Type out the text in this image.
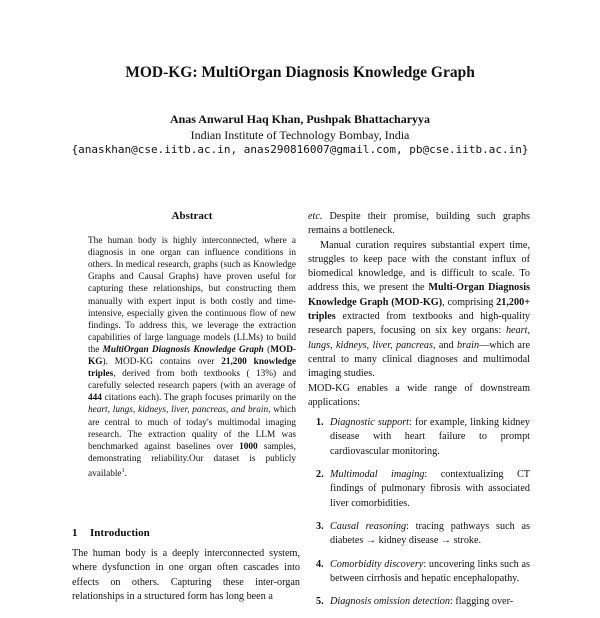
MOD-KG: MultiOrgan Diagnosis Knowledge Graph
Anas Anwarul Haq Khan, Pushpak Bhattacharyya
Indian Institute of Technology Bombay, India
{anaskhan@cse.iitb.ac.in, anas290816007@gmail.com, pb@cse.iitb.ac.in}
Abstract

The human body is highly interconnected, where a diagnosis in one organ can influence conditions in others. In medical research, graphs (such as Knowledge Graphs and Causal Graphs) have proven useful for capturing these relationships, but constructing them manually with expert input is both costly and time-intensive, especially given the continuous flow of new findings. To address this, we leverage the extraction capabilities of large language models (LLMs) to build the MultiOrgan Diagnosis Knowledge Graph (MOD-KG). MOD-KG contains over 21,200 knowledge triples, derived from both textbooks ( 13%) and carefully selected research papers (with an average of 444 citations each). The graph focuses primarily on the heart, lungs, kidneys, liver, pancreas, and brain, which are central to much of today's multimodal imaging research. The extraction quality of the LLM was benchmarked against baselines over 1000 samples, demonstrating reliability.Our dataset is publicly available$^1$.

1 Introduction

The human body is a deeply interconnected system, where dysfunction in one organ often cascades into effects on others. Capturing these inter-organ relationships in a structured form has long been a

etc. Despite their promise, building such graphs remains a bottleneck.

Manual curation requires substantial expert time, struggles to keep pace with the constant influx of biomedical knowledge, and is difficult to scale. To address this, we present the Multi-Organ Diagnosis Knowledge Graph (MOD-KG), comprising 21,200+ triples extracted from textbooks and high-quality research papers, focusing on six key organs: heart, lungs, kidneys, liver, pancreas, and brain—which are central to many clinical diagnoses and multimodal imaging studies.

MOD-KG enables a wide range of downstream applications:

1. Diagnostic support: for example, linking kidney disease with heart failure to prompt cardiovascular monitoring.
2. Multimodal imaging: contextualizing CT findings of pulmonary fibrosis with associated liver comorbidities.
3. Causal reasoning: tracing pathways such as diabetes → kidney disease → stroke.
4. Comorbidity discovery: uncovering links such as between cirrhosis and hepatic encephalopathy.
5. Diagnosis omission detection: flagging over-
